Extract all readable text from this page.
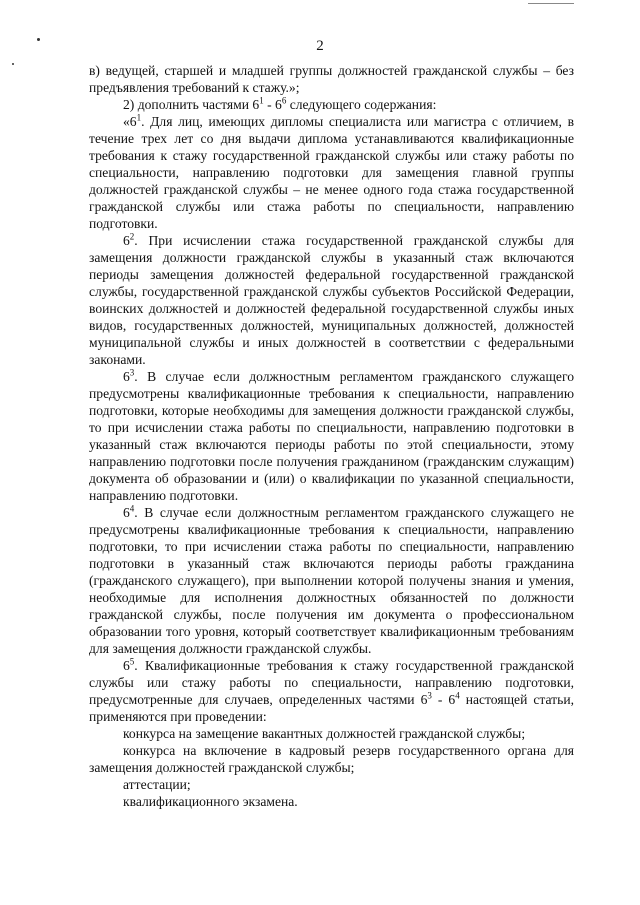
2

в) ведущей, старшей и младшей группы должностей гражданской службы – без предъявления требований к стажу.»;

2) дополнить частями $6^1 - 6^6$ следующего содержания:

«$6^1$. Для лиц, имеющих дипломы специалиста или магистра с отличием, в течение трех лет со дня выдачи диплома устанавливаются квалификационные требования к стажу государственной гражданской службы или стажу работы по специальности, направлению подготовки для замещения главной группы должностей гражданской службы – не менее одного года стажа государственной гражданской службы или стажа работы по специальности, направлению подготовки.

$6^2$. При исчислении стажа государственной гражданской службы для замещения должности гражданской службы в указанный стаж включаются периоды замещения должностей федеральной государственной гражданской службы, государственной гражданской службы субъектов Российской Федерации, воинских должностей и должностей федеральной государственной службы иных видов, государственных должностей, муниципальных должностей, должностей муниципальной службы и иных должностей в соответствии с федеральными законами.

$6^3$. В случае если должностным регламентом гражданского служащего предусмотрены квалификационные требования к специальности, направлению подготовки, которые необходимы для замещения должности гражданской службы, то при исчислении стажа работы по специальности, направлению подготовки в указанный стаж включаются периоды работы по этой специальности, этому направлению подготовки после получения гражданином (гражданским служащим) документа об образовании и (или) о квалификации по указанной специальности, направлению подготовки.

$6^4$. В случае если должностным регламентом гражданского служащего не предусмотрены квалификационные требования к специальности, направлению подготовки, то при исчислении стажа работы по специальности, направлению подготовки в указанный стаж включаются периоды работы гражданина (гражданского служащего), при выполнении которой получены знания и умения, необходимые для исполнения должностных обязанностей по должности гражданской службы, после получения им документа о профессиональном образовании того уровня, который соответствует квалификационным требованиям для замещения должности гражданской службы.

$6^5$. Квалификационные требования к стажу государственной гражданской службы или стажу работы по специальности, направлению подготовки, предусмотренные для случаев, определенных частями $6^3 - 6^4$ настоящей статьи, применяются при проведении:

конкурса на замещение вакантных должностей гражданской службы;

конкурса на включение в кадровый резерв государственного органа для замещения должностей гражданской службы;

аттестации;

квалификационного экзамена.
